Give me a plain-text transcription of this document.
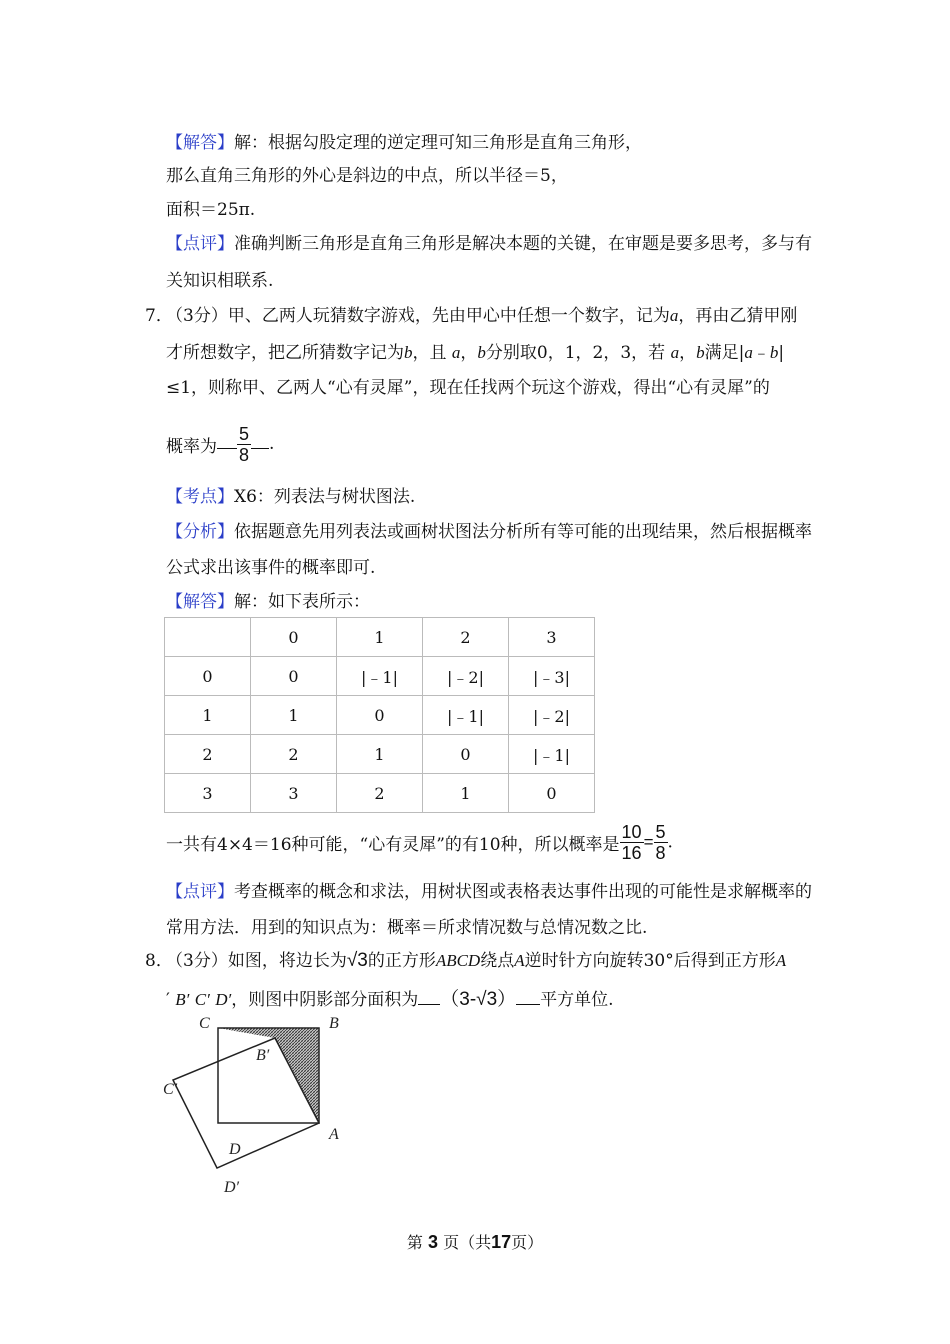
【解答】解：根据勾股定理的逆定理可知三角形是直角三角形，
那么直角三角形的外心是斜边的中点，所以半径＝5，
面积＝25π.
【点评】准确判断三角形是直角三角形是解决本题的关键，在审题是要多思考，多与有
关知识相联系.
7．
（3分）甲、乙两人玩猜数字游戏，先由甲心中任想一个数字，记为a，再由乙猜甲刚
才所想数字，把乙所猜数字记为b，且 a，b分别取0，1，2，3，若 a，b满足|a﹣b|
≤1，则称甲、乙两人“心有灵犀”，现在任找两个玩这个游戏，得出“心有灵犀”的
概率为 $\frac{5}{8}$ .
【考点】X6：列表法与树状图法.
【分析】依据题意先用列表法或画树状图法分析所有等可能的出现结果，然后根据概率
公式求出该事件的概率即可.
【解答】解：如下表所示：
	0	1	2	3
0	0	|﹣1|	|﹣2|	|﹣3|
1	1	0	|﹣1|	|﹣2|
2	2	1	0	|﹣1|
3	3	2	1	0
一共有4×4＝16种可能，“心有灵犀”的有10种，所以概率是 $\frac{10}{16} = \frac{5}{8}$ .
【点评】考查概率的概念和求法，用树状图或表格表达事件出现的可能性是求解概率的
常用方法．用到的知识点为：概率＝所求情况数与总情况数之比.
8．
（3分）如图，将边长为√3的正方形ABCD绕点A逆时针方向旋转30°后得到正方形A
′ B′ C′ D′，则图中阴影部分面积为 （3-√3） 平方单位.
C	B
B′
C′
D
A
D′
第 3 页（共17页）
